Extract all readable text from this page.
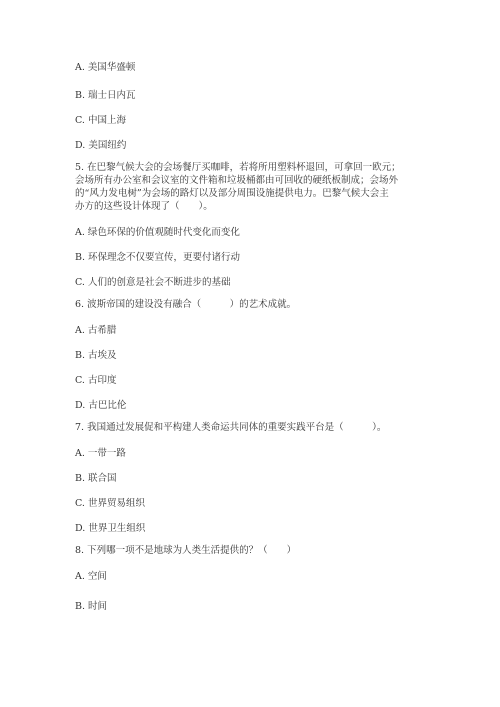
A. 美国华盛顿
B. 瑞士日内瓦
C. 中国上海
D. 美国纽约
5. 在巴黎气候大会的会场餐厅买咖啡，若将所用塑料杯退回，可拿回一欧元；
会场所有办公室和会议室的文件箱和垃圾桶都由可回收的硬纸板制成；会场外
的“风力发电树”为会场的路灯以及部分周围设施提供电力。巴黎气候大会主
办方的这些设计体现了（　　）。
A. 绿色环保的价值观随时代变化而变化
B. 环保理念不仅要宣传，更要付诸行动
C. 人们的创意是社会不断进步的基础
6. 波斯帝国的建设没有融合（　　　）的艺术成就。
A. 古希腊
B. 古埃及
C. 古印度
D. 古巴比伦
7. 我国通过发展促和平构建人类命运共同体的重要实践平台是（　　　）。
A. 一带一路
B. 联合国
C. 世界贸易组织
D. 世界卫生组织
8. 下列哪一项不是地球为人类生活提供的？（　　）
A. 空间
B. 时间
